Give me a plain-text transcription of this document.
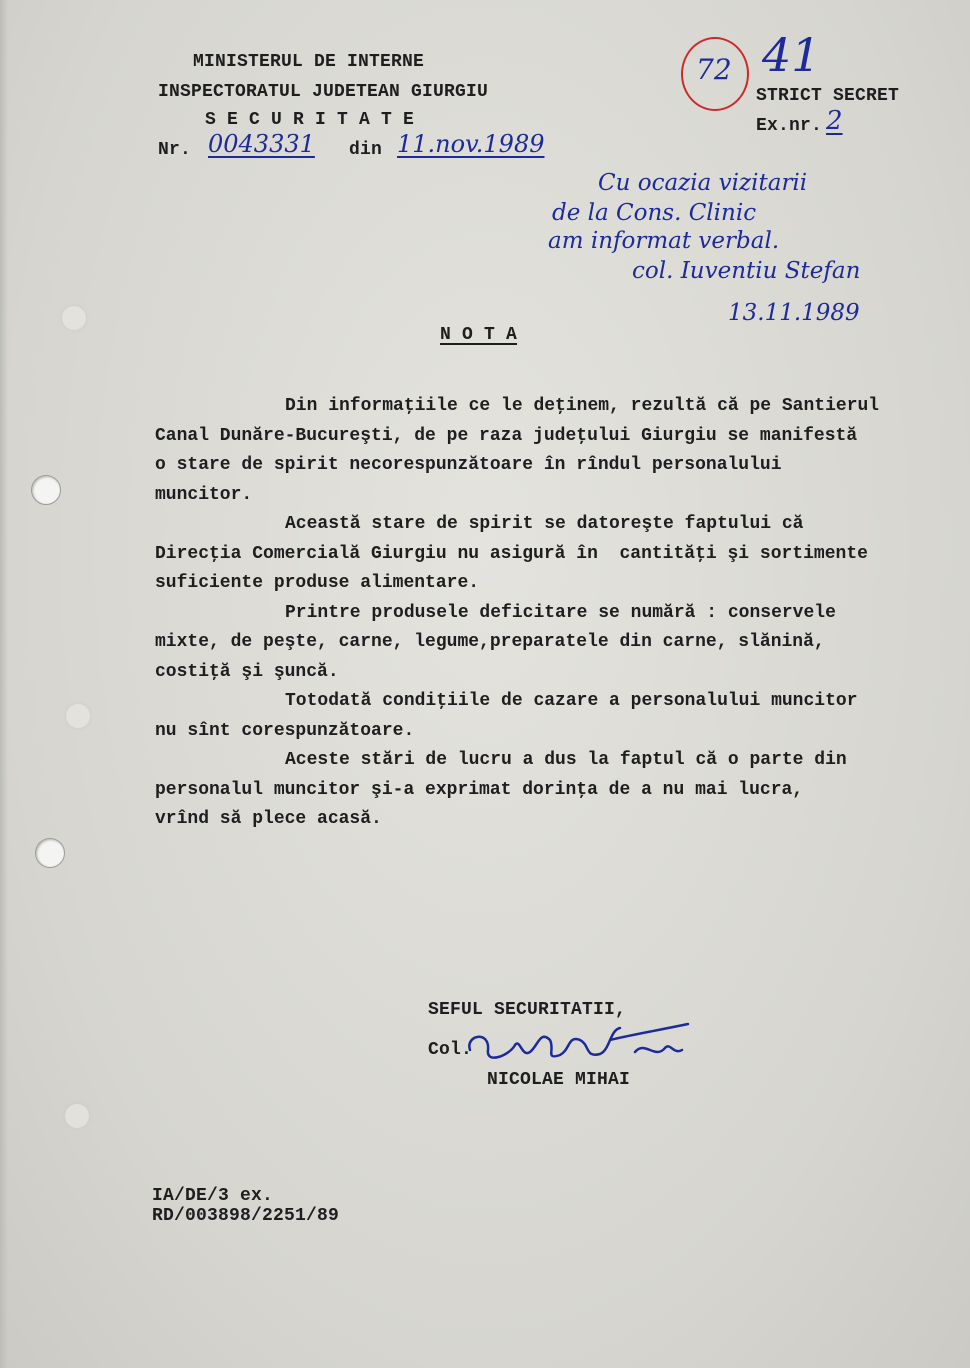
MINISTERUL DE INTERNE
INSPECTORATUL JUDETEAN GIURGIU
S E C U R I T A T E
Nr. 0043331 din 11.nov.1989
72 41
STRICT SECRET
Ex.nr. 2
Cu ocazia vizitarii
de la Cons. Clinic
am informat verbal.
col. Iuventiu Stefan
13.11.1989
N O T A

Din informaţiile ce le deţinem, rezultă că pe Santierul
Canal Dunăre-Bucureşti, de pe raza judeţului Giurgiu se manifestă
o stare de spirit necorespunzătoare în rîndul personalului
muncitor.

Această stare de spirit se datoreşte faptului că
Direcţia Comercială Giurgiu nu asigură în  cantităţi şi sortimente
suficiente produse alimentare.

Printre produsele deficitare se numără : conservele
mixte, de peşte, carne, legume,preparatele din carne, slănină,
costiţă şi şuncă.

Totodată condiţiile de cazare a personalului muncitor
nu sînt corespunzătoare.

Aceste stări de lucru a dus la faptul că o parte din
personalul muncitor şi-a exprimat dorinţa de a nu mai lucra,
vrînd să plece acasă.

SEFUL SECURITATII,
Col.
NICOLAE MIHAI
IA/DE/3 ex.
RD/003898/2251/89
